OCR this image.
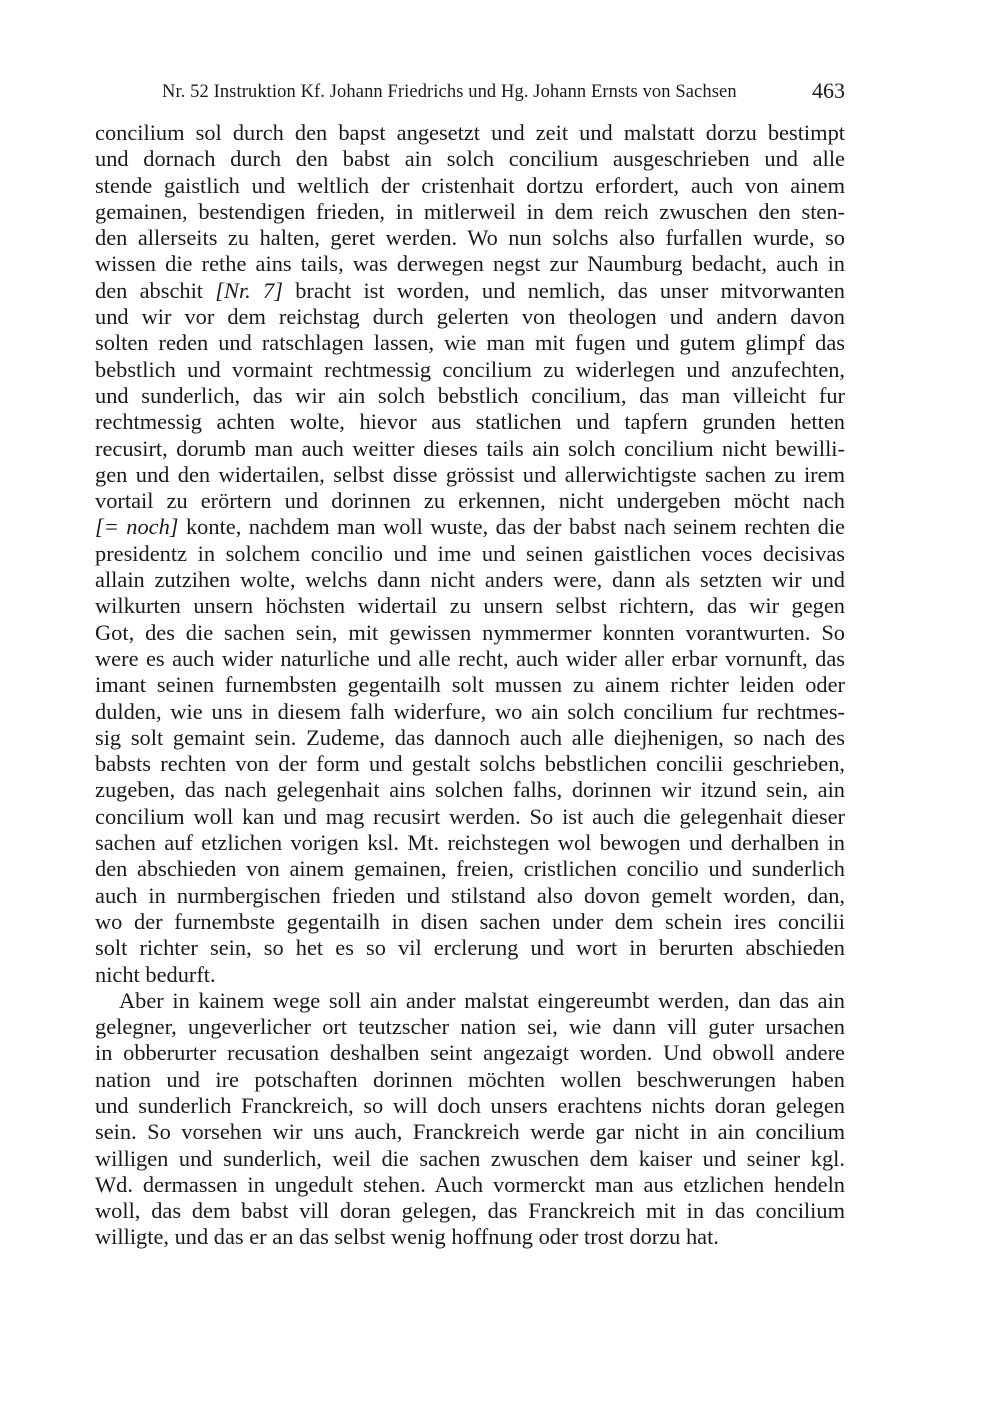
Nr. 52 Instruktion Kf. Johann Friedrichs und Hg. Johann Ernsts von Sachsen	463
concilium sol durch den bapst angesetzt und zeit und malstatt dorzu bestimpt
und dornach durch den babst ain solch concilium ausgeschrieben und alle
stende gaistlich und weltlich der cristenhait dortzu erfordert, auch von ainem
gemainen, bestendigen frieden, in mitlerweil in dem reich zwuschen den sten-
den allerseits zu halten, geret werden. Wo nun solchs also furfallen wurde, so
wissen die rethe ains tails, was derwegen negst zur Naumburg bedacht, auch in
den abschit [Nr. 7] bracht ist worden, und nemlich, das unser mitvorwanten
und wir vor dem reichstag durch gelerten von theologen und andern davon
solten reden und ratschlagen lassen, wie man mit fugen und gutem glimpf das
bebstlich und vormaint rechtmessig concilium zu widerlegen und anzufechten,
und sunderlich, das wir ain solch bebstlich concilium, das man villeicht fur
rechtmessig achten wolte, hievor aus statlichen und tapfern grunden hetten
recusirt, dorumb man auch weitter dieses tails ain solch concilium nicht bewilli-
gen und den widertailen, selbst disse grössist und allerwichtigste sachen zu irem
vortail zu erörtern und dorinnen zu erkennen, nicht undergeben möcht nach
[= noch] konte, nachdem man woll wuste, das der babst nach seinem rechten die
presidentz in solchem concilio und ime und seinen gaistlichen voces decisivas
allain zutzihen wolte, welchs dann nicht anders were, dann als setzten wir und
wilkurten unsern höchsten widertail zu unsern selbst richtern, das wir gegen
Got, des die sachen sein, mit gewissen nymmermer konnten vorantwurten. So
were es auch wider naturliche und alle recht, auch wider aller erbar vornunft, das
imant seinen furnembsten gegentailh solt mussen zu ainem richter leiden oder
dulden, wie uns in diesem falh widerfure, wo ain solch concilium fur rechtmes-
sig solt gemaint sein. Zudeme, das dannoch auch alle diejhenigen, so nach des
babsts rechten von der form und gestalt solchs bebstlichen concilii geschrieben,
zugeben, das nach gelegenhait ains solchen falhs, dorinnen wir itzund sein, ain
concilium woll kan und mag recusirt werden. So ist auch die gelegenhait dieser
sachen auf etzlichen vorigen ksl. Mt. reichstegen wol bewogen und derhalben in
den abschieden von ainem gemainen, freien, cristlichen concilio und sunderlich
auch in nurmbergischen frieden und stilstand also dovon gemelt worden, dan,
wo der furnembste gegentailh in disen sachen under dem schein ires concilii
solt richter sein, so het es so vil erclerung und wort in berurten abschieden
nicht bedurft.
Aber in kainem wege soll ain ander malstat eingereumbt werden, dan das ain
gelegner, ungeverlicher ort teutzscher nation sei, wie dann vill guter ursachen
in obberurter recusation deshalben seint angezaigt worden. Und obwoll andere
nation und ire potschaften dorinnen möchten wollen beschwerungen haben
und sunderlich Franckreich, so will doch unsers erachtens nichts doran gelegen
sein. So vorsehen wir uns auch, Franckreich werde gar nicht in ain concilium
willigen und sunderlich, weil die sachen zwuschen dem kaiser und seiner kgl.
Wd. dermassen in ungedult stehen. Auch vormerckt man aus etzlichen hendeln
woll, das dem babst vill doran gelegen, das Franckreich mit in das concilium
willigte, und das er an das selbst wenig hoffnung oder trost dorzu hat.
